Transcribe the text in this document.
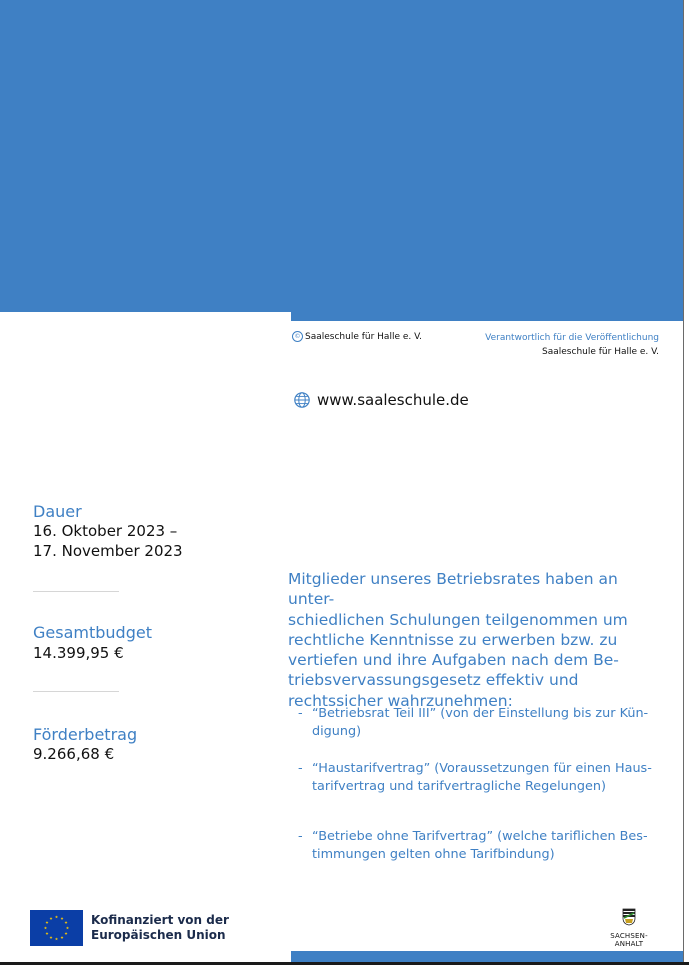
© Saaleschule für Halle e. V.	Verantwortlich für die Veröffentlichung
Saaleschule für Halle e. V.
www.saaleschule.de
Dauer
16. Oktober 2023 –
17. November 2023
Gesamtbudget
14.399,95 €
Förderbetrag
9.266,68 €
Mitglieder unseres Betriebsrates haben an unter-
schiedlichen Schulungen teilgenommen um
rechtliche Kenntnisse zu erwerben bzw. zu
vertiefen und ihre Aufgaben nach dem Be-
triebsvervassungsgesetz effektiv und
rechtssicher wahrzunehmen:
- “Betriebsrat Teil III” (von der Einstellung bis zur Kün-
digung)
- “Haustarifvertrag” (Voraussetzungen für einen Haus-
tarifvertrag und tarifvertragliche Regelungen)
- “Betriebe ohne Tarifvertrag” (welche tariflichen Bes-
timmungen gelten ohne Tarifbindung)
Kofinanziert von der
Europäischen Union	SACHSEN-ANHALT
